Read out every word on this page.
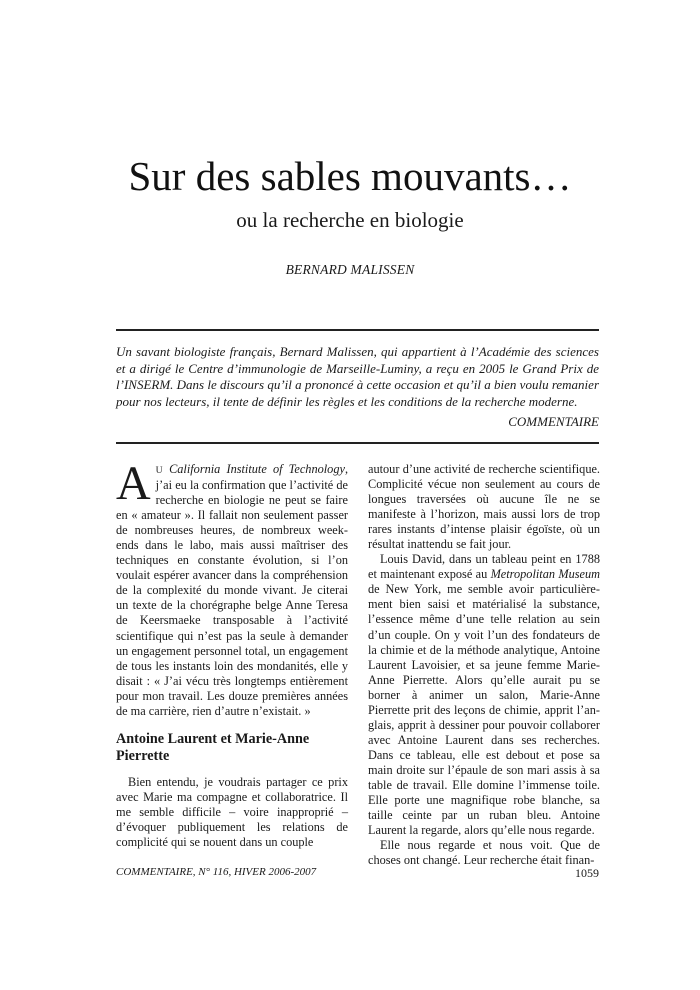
Sur des sables mouvants…
ou la recherche en biologie
BERNARD MALISSEN

Un savant biologiste français, Bernard Malissen, qui appartient à l’Académie des sciences et a dirigé le Centre d’immunologie de Marseille-Luminy, a reçu en 2005 le Grand Prix de l’INSERM. Dans le discours qu’il a prononcé à cette occasion et qu’il a bien voulu remanier pour nos lecteurs, il tente de définir les règles et les conditions de la recherche moderne.

COMMENTAIRE

A U California Institute of Technology, j’ai eu la confirmation que l’activité de recherche en biologie ne peut se faire en « amateur ». Il fallait non seulement passer de nombreuses heures, de nombreux week-ends dans le labo, mais aussi maîtriser des techniques en constante évolution, si l’on voulait espérer avancer dans la compréhension de la complexité du monde vivant. Je citerai un texte de la chorégraphe belge Anne Teresa de Keersmaeke transposable à l’activité scientifique qui n’est pas la seule à demander un engagement personnel total, un engagement de tous les instants loin des mondanités, elle y disait : « J’ai vécu très longtemps entièrement pour mon travail. Les douze premières années de ma carrière, rien d’autre n’existait. »

Antoine Laurent et Marie-Anne Pierrette

Bien entendu, je voudrais partager ce prix avec Marie ma compagne et collaboratrice. Il me semble difficile – voire inapproprié – d’évoquer publiquement les relations de complicité qui se nouent dans un couple

autour d’une activité de recherche scientifique. Complicité vécue non seulement au cours de longues traversées où aucune île ne se manifeste à l’horizon, mais aussi lors de trop rares instants d’intense plaisir égoïste, où un résultat inattendu se fait jour.

Louis David, dans un tableau peint en 1788 et maintenant exposé au Metropolitan Museum de New York, me semble avoir particulièrement bien saisi et matérialisé la substance, l’essence même d’une telle relation au sein d’un couple. On y voit l’un des fondateurs de la chimie et de la méthode analytique, Antoine Laurent Lavoisier, et sa jeune femme Marie-Anne Pierrette. Alors qu’elle aurait pu se borner à animer un salon, Marie-Anne Pierrette prit des leçons de chimie, apprit l’anglais, apprit à dessiner pour pouvoir collaborer avec Antoine Laurent dans ses recherches. Dans ce tableau, elle est debout et pose sa main droite sur l’épaule de son mari assis à sa table de travail. Elle domine l’immense toile. Elle porte une magnifique robe blanche, sa taille ceinte par un ruban bleu. Antoine Laurent la regarde, alors qu’elle nous regarde.

Elle nous regarde et nous voit. Que de choses ont changé. Leur recherche était finan-

COMMENTAIRE, N° 116, HIVER 2006-2007	1059
